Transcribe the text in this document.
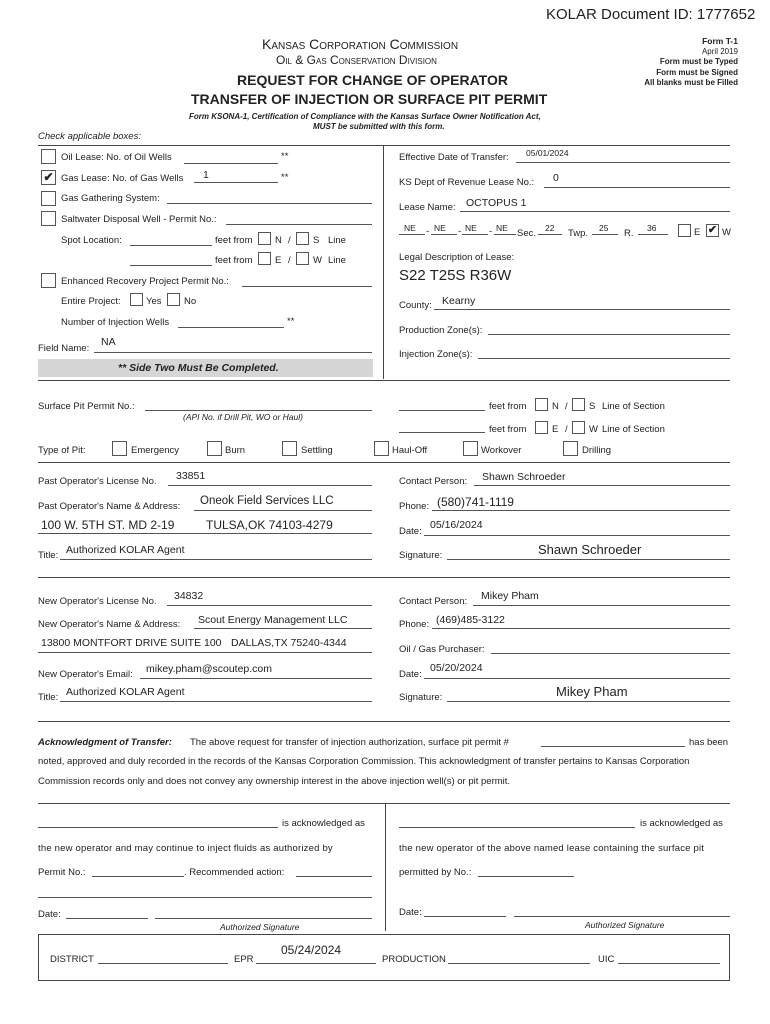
KOLAR Document ID: 1777652
Kansas Corporation Commission
Oil & Gas Conservation Division
REQUEST FOR CHANGE OF OPERATOR
TRANSFER OF INJECTION OR SURFACE PIT PERMIT
Form KSONA-1, Certification of Compliance with the Kansas Surface Owner Notification Act,
MUST be submitted with this form.
Form T-1
April 2019
Form must be Typed
Form must be Signed
All blanks must be Filled
Check applicable boxes:
Oil Lease: No. of Oil Wells	**
✔ Gas Lease: No. of Gas Wells 1	**
Gas Gathering System:
Saltwater Disposal Well - Permit No.:
Spot Location:	feet from N / S Line
feet from E / W Line
Enhanced Recovery Project Permit No.:
Entire Project:	Yes No
Number of Injection Wells	**
Field Name:
NA
** Side Two Must Be Completed.
Effective Date of Transfer: 05/01/2024
KS Dept of Revenue Lease No.: 0
Lease Name: OCTOPUS 1
NE - NE - NE - NE Sec. 22 Twp. 25 R. 36	E ✔ W
Legal Description of Lease:
S22 T25S R36W
County: Kearny
Production Zone(s):
Injection Zone(s):
Surface Pit Permit No.:
(API No. if Drill Pit, WO or Haul)
feet from	N / S Line of Section
feet from	E / W Line of Section
Type of Pit:	Emergency	Burn	Settling	Haul-Off	Workover	Drilling
Past Operator's License No. 33851
Past Operator's Name & Address: Oneok Field Services LLC
100 W. 5TH ST. MD 2-19	TULSA,OK 74103-4279
Title: Authorized KOLAR Agent
Contact Person: Shawn Schroeder
Phone: (580)741-1119
Date:
05/16/2024
Signature:	Shawn Schroeder
New Operator's License No. 34832
New Operator's Name & Address: Scout Energy Management LLC
13800 MONTFORT DRIVE SUITE 100 DALLAS,TX 75240-4344
New Operator's Email: mikey.pham@scoutep.com
Title: Authorized KOLAR Agent
Contact Person: Mikey Pham
Phone: (469)485-3122
Oil / Gas Purchaser:
Date:
05/20/2024
Signature:	Mikey Pham
Acknowledgment of Transfer: The above request for transfer of injection authorization, surface pit permit #	has been
noted, approved and duly recorded in the records of the Kansas Corporation Commission. This acknowledgment of transfer pertains to Kansas Corporation
Commission records only and does not convey any ownership interest in the above injection well(s) or pit permit.
is acknowledged as
the new operator and may continue to inject fluids as authorized by
Permit No.:	. Recommended action:
Date:
Authorized Signature
is acknowledged as
the new operator of the above named lease containing the surface pit
permitted by No.:
Date:
Authorized Signature
DISTRICT	EPR
05/24/2024
PRODUCTION	UIC
